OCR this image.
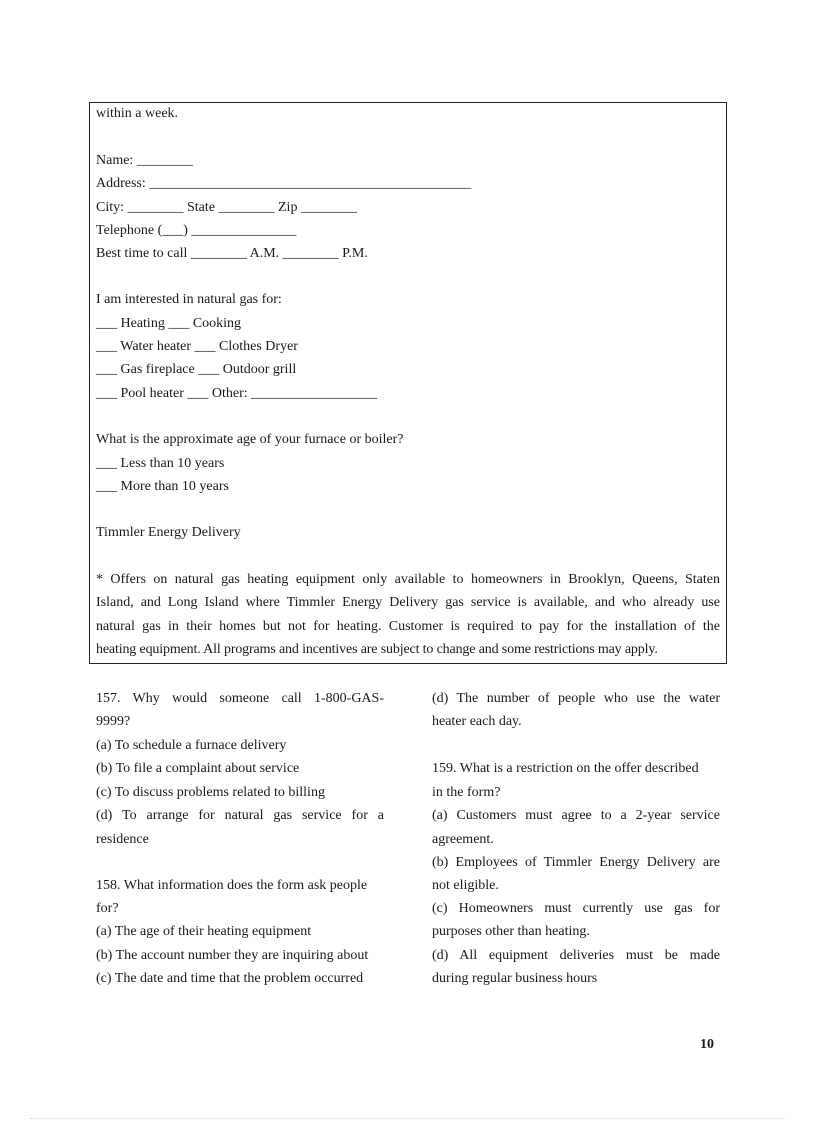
within a week.
Name: ________
Address: ______________________________________________
City: ________ State ________ Zip ________
Telephone (___) _______________
Best time to call ________ A.M. ________ P.M.
I am interested in natural gas for:
___ Heating ___ Cooking
___ Water heater ___ Clothes Dryer
___ Gas fireplace ___ Outdoor grill
___ Pool heater ___ Other: __________________
What is the approximate age of your furnace or boiler?
___ Less than 10 years
___ More than 10 years
Timmler Energy Delivery
* Offers on natural gas heating equipment only available to homeowners in Brooklyn, Queens, Staten
Island, and Long Island where Timmler Energy Delivery gas service is available, and who already use
natural gas in their homes but not for heating. Customer is required to pay for the installation of the
heating equipment. All programs and incentives are subject to change and some restrictions may apply.
157. Why would someone call 1-800-GAS-
9999?
(a) To schedule a furnace delivery
(b) To file a complaint about service
(c) To discuss problems related to billing
(d) To arrange for natural gas service for a
residence
158. What information does the form ask people
for?
(a) The age of their heating equipment
(b) The account number they are inquiring about
(c) The date and time that the problem occurred
(d) The number of people who use the water
heater each day.
159. What is a restriction on the offer described
in the form?
(a) Customers must agree to a 2-year service
agreement.
(b) Employees of Timmler Energy Delivery are
not eligible.
(c) Homeowners must currently use gas for
purposes other than heating.
(d) All equipment deliveries must be made
during regular business hours
10
